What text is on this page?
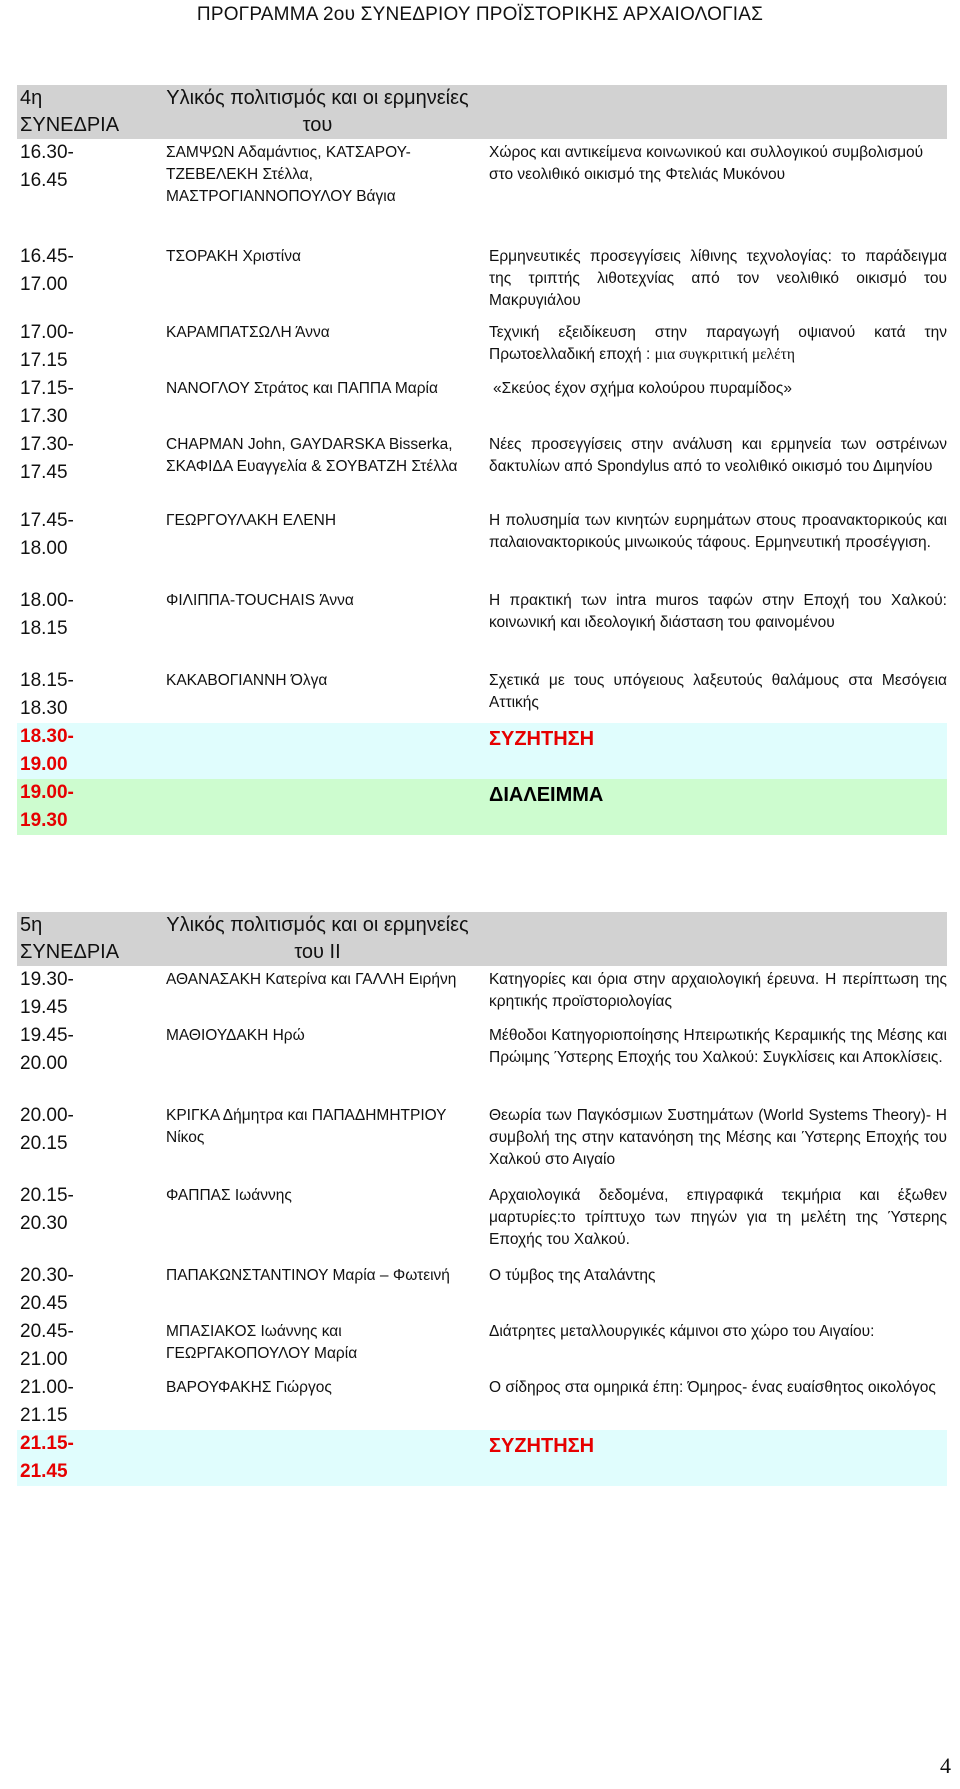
ΠΡΟΓΡΑΜΜΑ 2ου ΣΥΝΕΔΡΙΟΥ ΠΡΟΪΣΤΟΡΙΚΗΣ ΑΡΧΑΙΟΛΟΓΙΑΣ
4η
ΣΥΝΕΔΡΙΑ	Υλικός πολιτισμός και οι ερμηνείες του	
16.30-
16.45	ΣΑΜΨΩΝ Αδαμάντιος, ΚΑΤΣΑΡΟΥ-ΤΖΕΒΕΛΕΚΗ Στέλλα, ΜΑΣΤΡΟΓΙΑΝΝΟΠΟΥΛΟΥ Βάγια	Χώρος και αντικείμενα κοινωνικού και συλλογικού συμβολισμού
στο νεολιθικό οικισμό της Φτελιάς Μυκόνου
16.45-
17.00	ΤΣΟΡΑΚΗ Χριστίνα	Ερμηνευτικές προσεγγίσεις λίθινης τεχνολογίας: το παράδειγμα της τριπτής λιθοτεχνίας από τον νεολιθικό οικισμό του Μακρυγιάλου
17.00-
17.15	ΚΑΡΑΜΠΑΤΣΩΛΗ Άννα	Τεχνική εξειδίκευση στην παραγωγή οψιανού κατά την Πρωτοελλαδική εποχή : μια συγκριτική μελέτη
17.15-
17.30	ΝΑΝΟΓΛΟΥ Στράτος και ΠΑΠΠΑ Μαρία	«Σκεύος έχον σχήμα κολούρου πυραμίδος»
17.30-
17.45	CHAPMAN John, GAYDARSKA Bisserka, ΣΚΑΦΙΔΑ Ευαγγελία & ΣΟΥΒΑΤΖΗ Στέλλα	Νέες προσεγγίσεις στην ανάλυση και ερμηνεία των οστρέινων δακτυλίων από Spondylus από το νεολιθικό οικισμό του Διμηνίου
17.45-
18.00	ΓΕΩΡΓΟΥΛΑΚΗ ΕΛΕΝΗ	Η πολυσημία των κινητών ευρημάτων στους προανακτορικούς και παλαιονακτορικούς μινωικούς τάφους. Ερμηνευτική προσέγγιση.
18.00-
18.15	ΦΙΛΙΠΠΑ-TOUCHAIS Άννα	Η πρακτική των intra muros ταφών στην Εποχή του Χαλκού: κοινωνική και ιδεολογική διάσταση του φαινομένου
18.15-
18.30	ΚΑΚΑΒΟΓΙΑΝΝΗ Όλγα	Σχετικά με τους υπόγειους λαξευτούς θαλάμους στα Μεσόγεια Αττικής
18.30-
19.00		ΣΥΖΗΤΗΣΗ
19.00-
19.30		ΔΙΑΛΕΙΜΜΑ
5η
ΣΥΝΕΔΡΙΑ	Υλικός πολιτισμός και οι ερμηνείες του ΙΙ	
19.30-
19.45	ΑΘΑΝΑΣΑΚΗ Κατερίνα και ΓΑΛΛΗ Ειρήνη	Κατηγορίες και όρια στην αρχαιολογική έρευνα. Η περίπτωση της κρητικής προϊστοριολογίας
19.45-
20.00	ΜΑΘΙΟΥΔΑΚΗ Ηρώ	Μέθοδοι Κατηγοριοποίησης Ηπειρωτικής Κεραμικής της Μέσης και Πρώιμης Ύστερης Εποχής του Χαλκού: Συγκλίσεις και Αποκλίσεις.
20.00-
20.15	ΚΡΙΓΚΑ Δήμητρα και ΠΑΠΑΔΗΜΗΤΡΙΟΥ Νίκος	Θεωρία των Παγκόσμιων Συστημάτων (World Systems Theory)- Η συμβολή της στην κατανόηση της Μέσης και Ύστερης Εποχής του Χαλκού στο Αιγαίο
20.15-
20.30	ΦΑΠΠΑΣ Ιωάννης	Αρχαιολογικά δεδομένα, επιγραφικά τεκμήρια και έξωθεν μαρτυρίες:το τρίπτυχο των πηγών για τη μελέτη της Ύστερης Εποχής του Χαλκού.
20.30-
20.45	ΠΑΠΑΚΩΝΣΤΑΝΤΙΝΟΥ Μαρία – Φωτεινή	Ο τύμβος της Αταλάντης
20.45-
21.00	ΜΠΑΣΙΑΚΟΣ Ιωάννης και ΓΕΩΡΓΑΚΟΠΟΥΛΟΥ Μαρία	Διάτρητες μεταλλουργικές κάμινοι στο χώρο του Αιγαίου:
21.00-
21.15	ΒΑΡΟΥΦΑΚΗΣ Γιώργος	Ο σίδηρος στα ομηρικά έπη: Όμηρος- ένας ευαίσθητος οικολόγος
21.15-
21.45		ΣΥΖΗΤΗΣΗ
4
